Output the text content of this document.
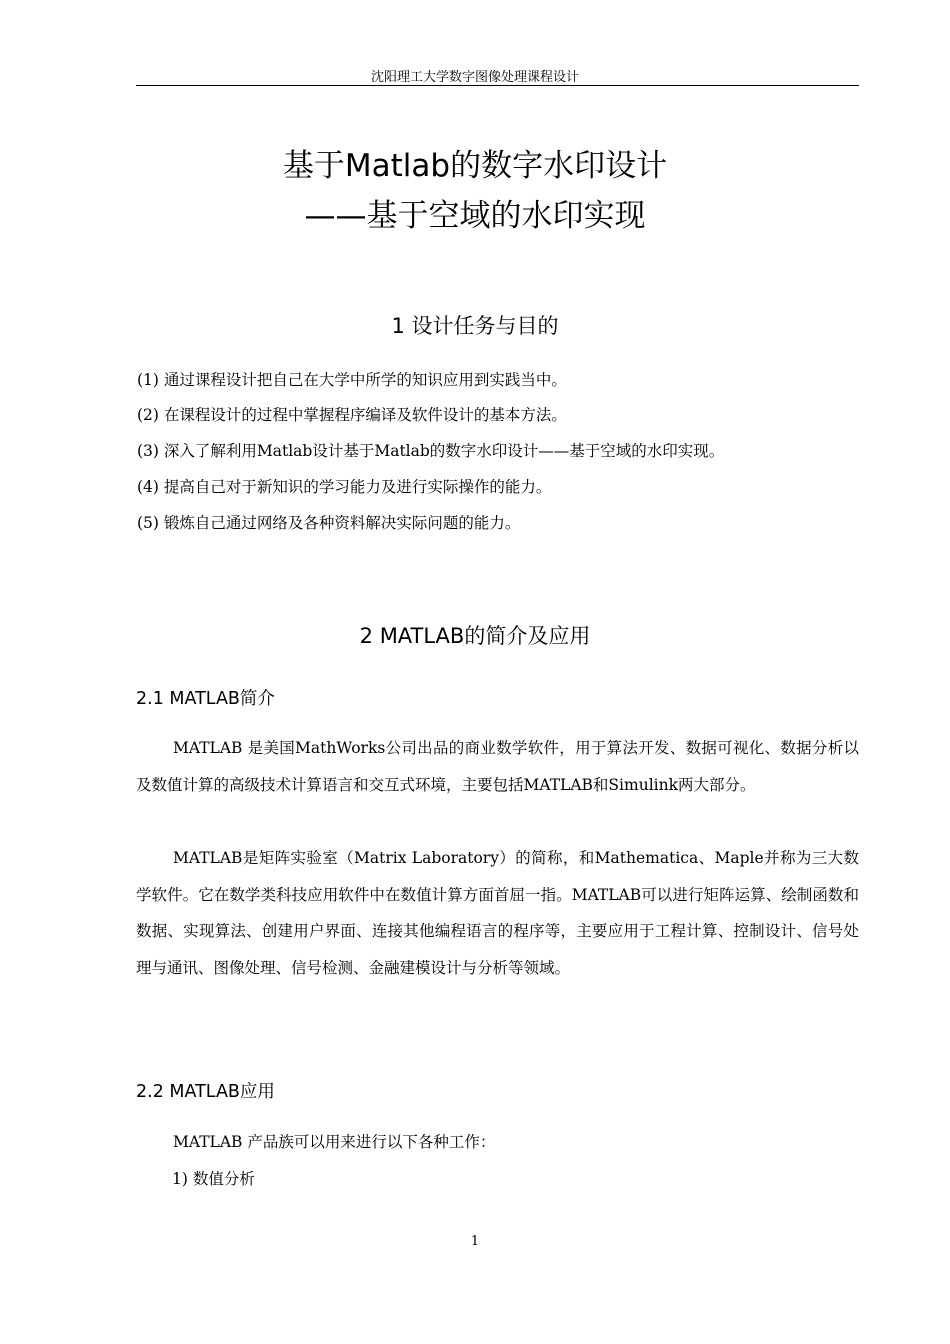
沈阳理工大学数字图像处理课程设计
基于Matlab的数字水印设计
——基于空域的水印实现
1 设计任务与目的
(1) 通过课程设计把自己在大学中所学的知识应用到实践当中。
(2) 在课程设计的过程中掌握程序编译及软件设计的基本方法。
(3) 深入了解利用Matlab设计基于Matlab的数字水印设计——基于空域的水印实现。
(4) 提高自己对于新知识的学习能力及进行实际操作的能力。
(5) 锻炼自己通过网络及各种资料解决实际问题的能力。
2 MATLAB的简介及应用
2.1 MATLAB简介

MATLAB 是美国MathWorks公司出品的商业数学软件，用于算法开发、数据可视化、数据分析以及数值计算的高级技术计算语言和交互式环境，主要包括MATLAB和Simulink两大部分。

MATLAB是矩阵实验室（Matrix Laboratory）的简称，和Mathematica、Maple并称为三大数学软件。它在数学类科技应用软件中在数值计算方面首屈一指。MATLAB可以进行矩阵运算、绘制函数和数据、实现算法、创建用户界面、连接其他编程语言的程序等，主要应用于工程计算、控制设计、信号处理与通讯、图像处理、信号检测、金融建模设计与分析等领域。

2.2 MATLAB应用

MATLAB 产品族可以用来进行以下各种工作：

1) 数值分析
1
